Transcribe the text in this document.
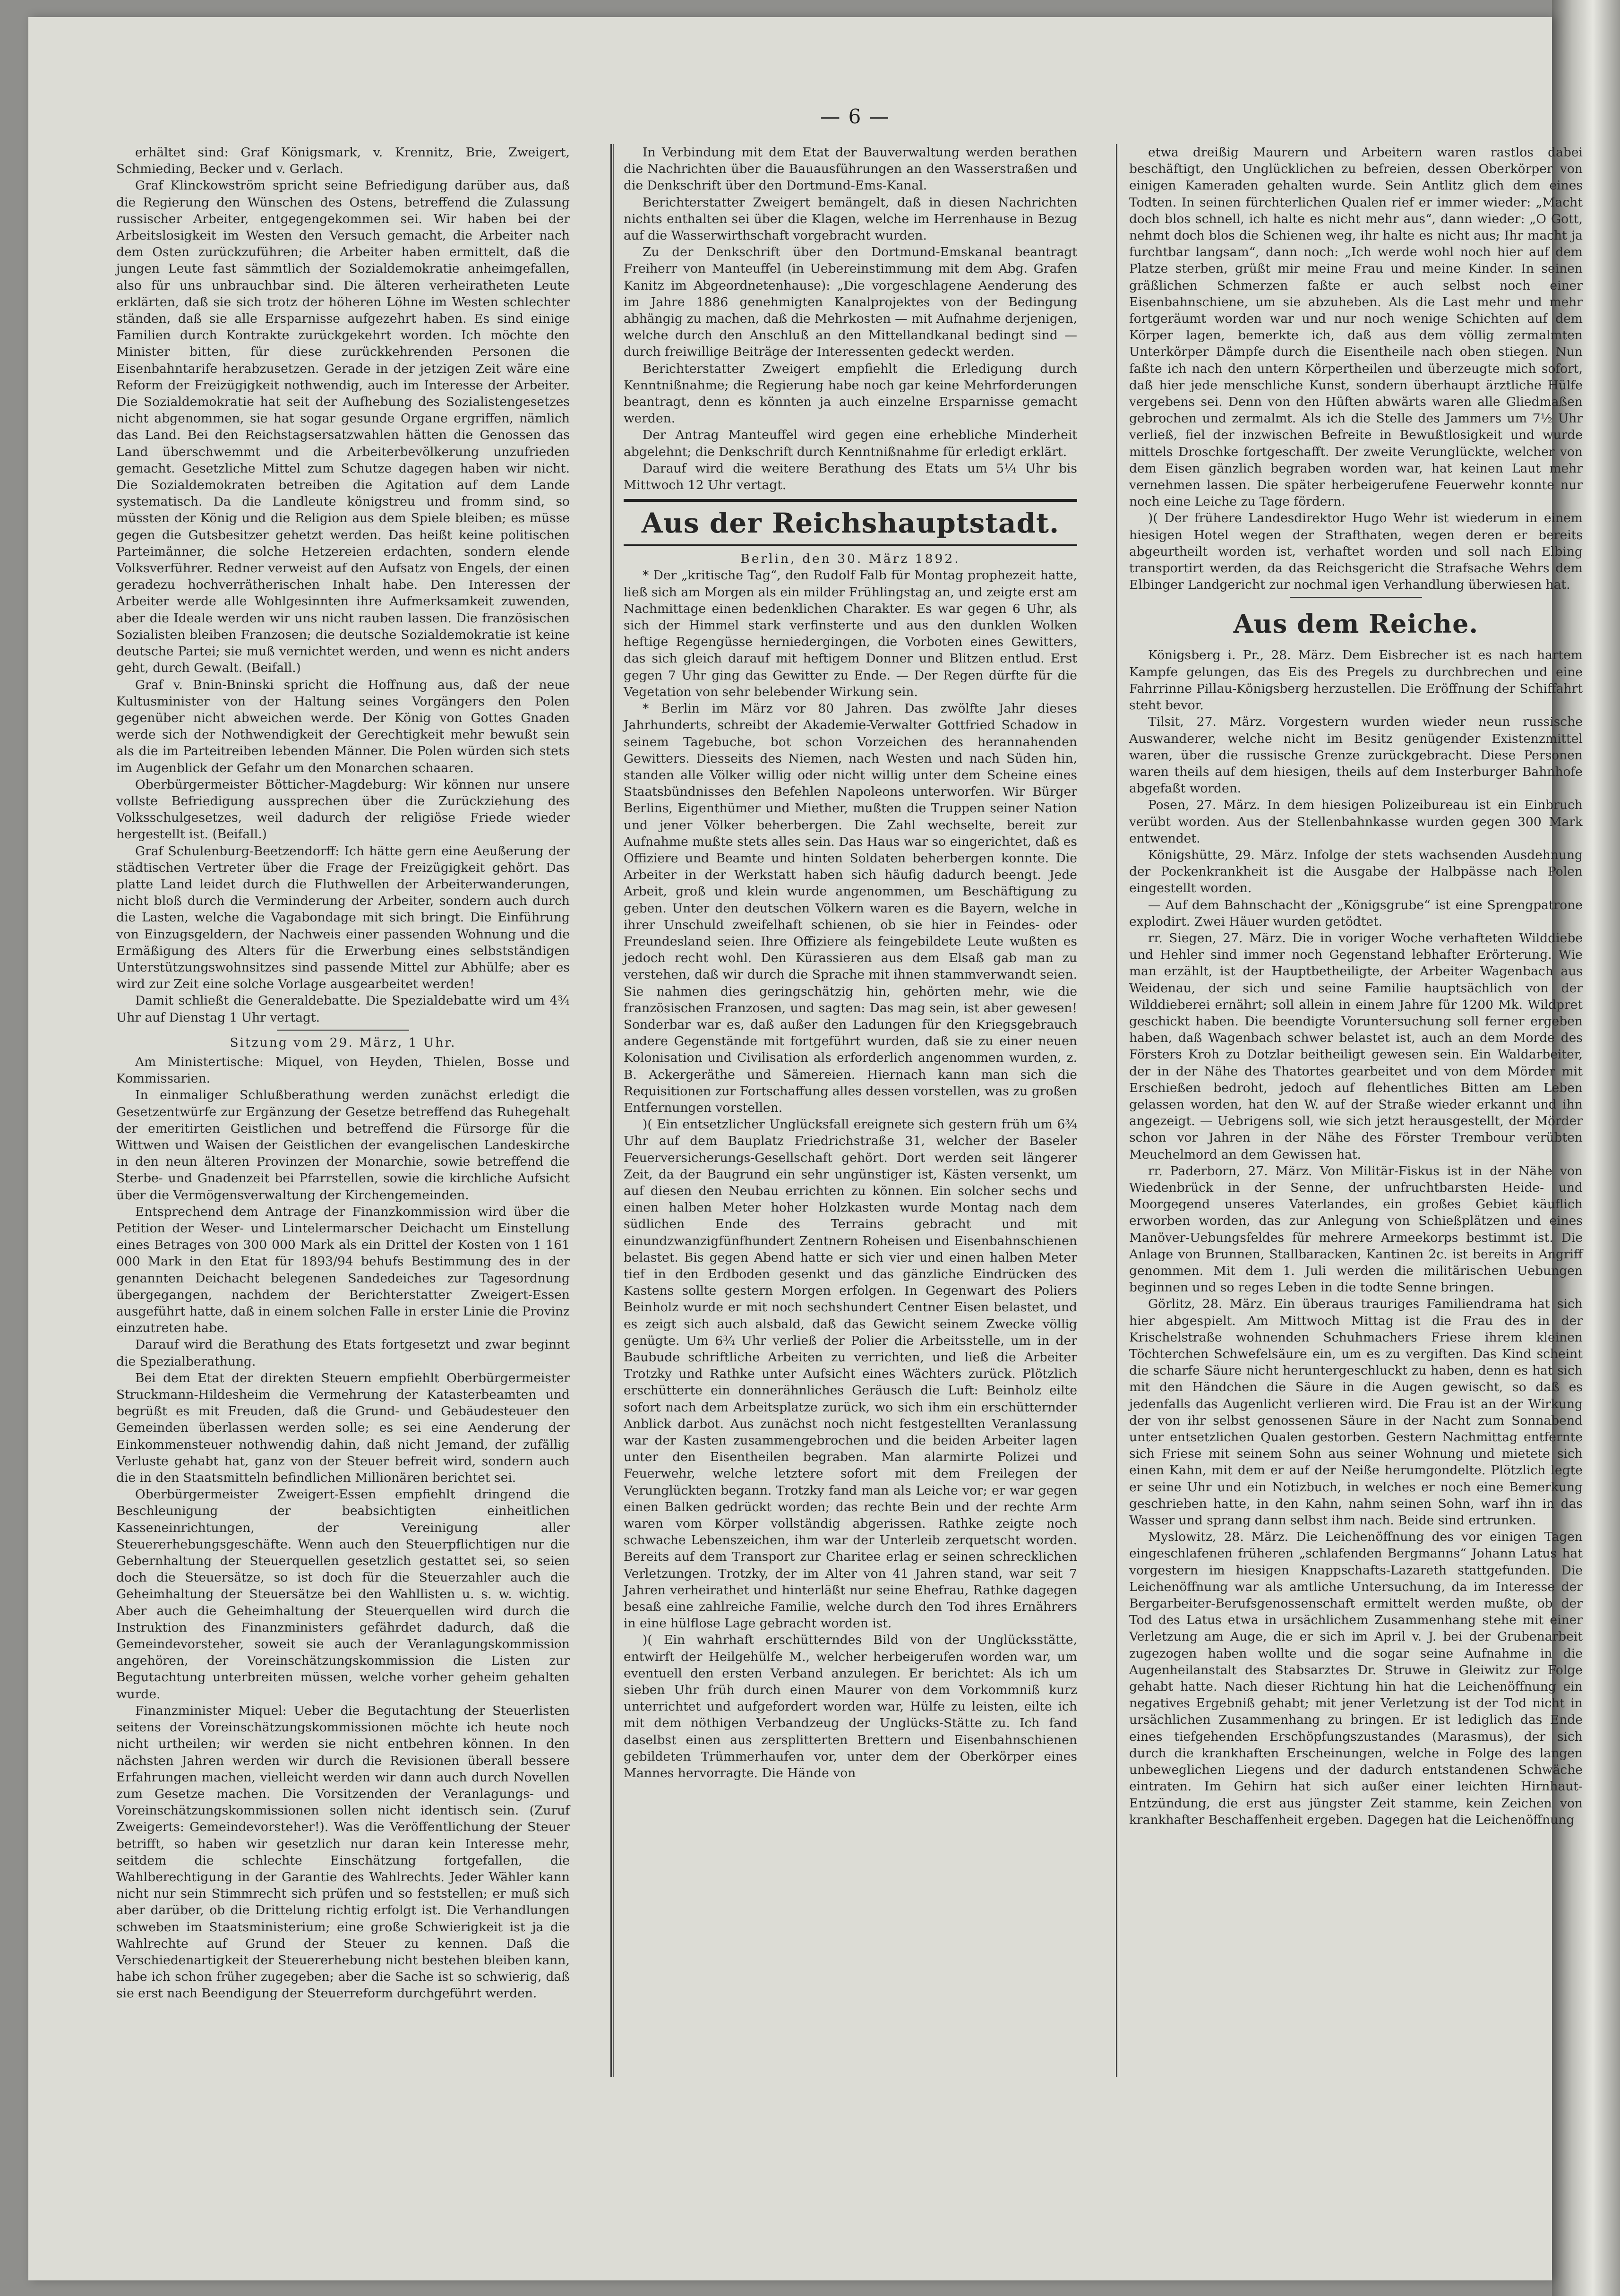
— 6 —

erhältet sind: Graf Königsmark, v. Krennitz, Brie, Zweigert, Schmieding, Becker und v. Gerlach.

Graf Klinckowström spricht seine Befriedigung darüber aus, daß die Regierung den Wünschen des Ostens, betreffend die Zulassung russischer Arbeiter, entgegengekommen sei. Wir haben bei der Arbeitslosigkeit im Westen den Versuch gemacht, die Arbeiter nach dem Osten zurückzuführen; die Arbeiter haben ermittelt, daß die jungen Leute fast sämmtlich der Sozialdemokratie anheimgefallen, also für uns unbrauchbar sind. Die älteren verheiratheten Leute erklärten, daß sie sich trotz der höheren Löhne im Westen schlechter ständen, daß sie alle Ersparnisse aufgezehrt haben. Es sind einige Familien durch Kontrakte zurückgekehrt worden. Ich möchte den Minister bitten, für diese zurückkehrenden Personen die Eisenbahntarife herabzusetzen. Gerade in der jetzigen Zeit wäre eine Reform der Freizügigkeit nothwendig, auch im Interesse der Arbeiter. Die Sozialdemokratie hat seit der Aufhebung des Sozialistengesetzes nicht abgenommen, sie hat sogar gesunde Organe ergriffen, nämlich das Land. Bei den Reichstagsersatzwahlen hätten die Genossen das Land überschwemmt und die Arbeiterbevölkerung unzufrieden gemacht. Gesetzliche Mittel zum Schutze dagegen haben wir nicht. Die Sozialdemokraten betreiben die Agitation auf dem Lande systematisch. Da die Landleute königstreu und fromm sind, so müssten der König und die Religion aus dem Spiele bleiben; es müsse gegen die Gutsbesitzer gehetzt werden. Das heißt keine politischen Parteimänner, die solche Hetzereien erdachten, sondern elende Volksverführer. Redner verweist auf den Aufsatz von Engels, der einen geradezu hochverrätherischen Inhalt habe. Den Interessen der Arbeiter werde alle Wohlgesinnten ihre Aufmerksamkeit zuwenden, aber die Ideale werden wir uns nicht rauben lassen. Die französischen Sozialisten bleiben Franzosen; die deutsche Sozialdemokratie ist keine deutsche Partei; sie muß vernichtet werden, und wenn es nicht anders geht, durch Gewalt. (Beifall.)

Graf v. Bnin-Bninski spricht die Hoffnung aus, daß der neue Kultusminister von der Haltung seines Vorgängers den Polen gegenüber nicht abweichen werde. Der König von Gottes Gnaden werde sich der Nothwendigkeit der Gerechtigkeit mehr bewußt sein als die im Parteitreiben lebenden Männer. Die Polen würden sich stets im Augenblick der Gefahr um den Monarchen schaaren.

Oberbürgermeister Bötticher-Magdeburg: Wir können nur unsere vollste Befriedigung aussprechen über die Zurückziehung des Volksschulgesetzes, weil dadurch der religiöse Friede wieder hergestellt ist. (Beifall.)

Graf Schulenburg-Beetzendorff: Ich hätte gern eine Aeußerung der städtischen Vertreter über die Frage der Freizügigkeit gehört. Das platte Land leidet durch die Fluthwellen der Arbeiterwanderungen, nicht bloß durch die Verminderung der Arbeiter, sondern auch durch die Lasten, welche die Vagabondage mit sich bringt. Die Einführung von Einzugsgeldern, der Nachweis einer passenden Wohnung und die Ermäßigung des Alters für die Erwerbung eines selbstständigen Unterstützungswohnsitzes sind passende Mittel zur Abhülfe; aber es wird zur Zeit eine solche Vorlage ausgearbeitet werden!

Damit schließt die Generaldebatte. Die Spezialdebatte wird um 4¾ Uhr auf Dienstag 1 Uhr vertagt.

Sitzung vom 29. März, 1 Uhr.

Am Ministertische: Miquel, von Heyden, Thielen, Bosse und Kommissarien.

In einmaliger Schlußberathung werden zunächst erledigt die Gesetzentwürfe zur Ergänzung der Gesetze betreffend das Ruhegehalt der emeritirten Geistlichen und betreffend die Fürsorge für die Wittwen und Waisen der Geistlichen der evangelischen Landeskirche in den neun älteren Provinzen der Monarchie, sowie betreffend die Sterbe- und Gnadenzeit bei Pfarrstellen, sowie die kirchliche Aufsicht über die Vermögensverwaltung der Kirchengemeinden.

Entsprechend dem Antrage der Finanzkommission wird über die Petition der Weser- und Lintelermarscher Deichacht um Einstellung eines Betrages von 300 000 Mark als ein Drittel der Kosten von 1 161 000 Mark in den Etat für 1893/94 behufs Bestimmung des in der genannten Deichacht belegenen Sandedeiches zur Tagesordnung übergegangen, nachdem der Berichterstatter Zweigert-Essen ausgeführt hatte, daß in einem solchen Falle in erster Linie die Provinz einzutreten habe.

Darauf wird die Berathung des Etats fortgesetzt und zwar beginnt die Spezialberathung.

Bei dem Etat der direkten Steuern empfiehlt Oberbürgermeister Struckmann-Hildesheim die Vermehrung der Katasterbeamten und begrüßt es mit Freuden, daß die Grund- und Gebäudesteuer den Gemeinden überlassen werden solle; es sei eine Aenderung der Einkommensteuer nothwendig dahin, daß nicht Jemand, der zufällig Verluste gehabt hat, ganz von der Steuer befreit wird, sondern auch die in den Staatsmitteln befindlichen Millionären berichtet sei.

Oberbürgermeister Zweigert-Essen empfiehlt dringend die Beschleunigung der beabsichtigten einheitlichen Kasseneinrichtungen, der Vereinigung aller Steuererhebungsgeschäfte. Wenn auch den Steuerpflichtigen nur die Gebernhaltung der Steuerquellen gesetzlich gestattet sei, so seien doch die Steuersätze, so ist doch für die Steuerzahler auch die Geheimhaltung der Steuersätze bei den Wahllisten u. s. w. wichtig. Aber auch die Geheimhaltung der Steuerquellen wird durch die Instruktion des Finanzministers gefährdet dadurch, daß die Gemeindevorsteher, soweit sie auch der Veranlagungskommission angehören, der Voreinschätzungskommission die Listen zur Begutachtung unterbreiten müssen, welche vorher geheim gehalten wurde.

Finanzminister Miquel: Ueber die Begutachtung der Steuerlisten seitens der Voreinschätzungskommissionen möchte ich heute noch nicht urtheilen; wir werden sie nicht entbehren können. In den nächsten Jahren werden wir durch die Revisionen überall bessere Erfahrungen machen, vielleicht werden wir dann auch durch Novellen zum Gesetze machen. Die Vorsitzenden der Veranlagungs- und Voreinschätzungskommissionen sollen nicht identisch sein. (Zuruf Zweigerts: Gemeindevorsteher!). Was die Veröffentlichung der Steuer betrifft, so haben wir gesetzlich nur daran kein Interesse mehr, seitdem die schlechte Einschätzung fortgefallen, die Wahlberechtigung in der Garantie des Wahlrechts. Jeder Wähler kann nicht nur sein Stimmrecht sich prüfen und so feststellen; er muß sich aber darüber, ob die Drittelung richtig erfolgt ist. Die Verhandlungen schweben im Staatsministerium; eine große Schwierigkeit ist ja die Wahlrechte auf Grund der Steuer zu kennen. Daß die Verschiedenartigkeit der Steuererhebung nicht bestehen bleiben kann, habe ich schon früher zugegeben; aber die Sache ist so schwierig, daß sie erst nach Beendigung der Steuerreform durchgeführt werden.

In Verbindung mit dem Etat der Bauverwaltung werden berathen die Nachrichten über die Bauausführungen an den Wasserstraßen und die Denkschrift über den Dortmund-Ems-Kanal.

Berichterstatter Zweigert bemängelt, daß in diesen Nachrichten nichts enthalten sei über die Klagen, welche im Herrenhause in Bezug auf die Wasserwirthschaft vorgebracht wurden.

Zu der Denkschrift über den Dortmund-Emskanal beantragt Freiherr von Manteuffel (in Uebereinstimmung mit dem Abg. Grafen Kanitz im Abgeordnetenhause): „Die vorgeschlagene Aenderung des im Jahre 1886 genehmigten Kanalprojektes von der Bedingung abhängig zu machen, daß die Mehrkosten — mit Aufnahme derjenigen, welche durch den Anschluß an den Mittellandkanal bedingt sind — durch freiwillige Beiträge der Interessenten gedeckt werden.

Berichterstatter Zweigert empfiehlt die Erledigung durch Kenntnißnahme; die Regierung habe noch gar keine Mehrforderungen beantragt, denn es könnten ja auch einzelne Ersparnisse gemacht werden.

Der Antrag Manteuffel wird gegen eine erhebliche Minderheit abgelehnt; die Denkschrift durch Kenntnißnahme für erledigt erklärt.

Darauf wird die weitere Berathung des Etats um 5¼ Uhr bis Mittwoch 12 Uhr vertagt.

Aus der Reichshauptstadt.

Berlin, den 30. März 1892.

* Der „kritische Tag“, den Rudolf Falb für Montag prophezeit hatte, ließ sich am Morgen als ein milder Frühlingstag an, und zeigte erst am Nachmittage einen bedenklichen Charakter. Es war gegen 6 Uhr, als sich der Himmel stark verfinsterte und aus den dunklen Wolken heftige Regengüsse herniedergingen, die Vorboten eines Gewitters, das sich gleich darauf mit heftigem Donner und Blitzen entlud. Erst gegen 7 Uhr ging das Gewitter zu Ende. — Der Regen dürfte für die Vegetation von sehr belebender Wirkung sein.

* Berlin im März vor 80 Jahren. Das zwölfte Jahr dieses Jahrhunderts, schreibt der Akademie-Verwalter Gottfried Schadow in seinem Tagebuche, bot schon Vorzeichen des herannahenden Gewitters. Diesseits des Niemen, nach Westen und nach Süden hin, standen alle Völker willig oder nicht willig unter dem Scheine eines Staatsbündnisses den Befehlen Napoleons unterworfen. Wir Bürger Berlins, Eigenthümer und Miether, mußten die Truppen seiner Nation und jener Völker beherbergen. Die Zahl wechselte, bereit zur Aufnahme mußte stets alles sein. Das Haus war so eingerichtet, daß es Offiziere und Beamte und hinten Soldaten beherbergen konnte. Die Arbeiter in der Werkstatt haben sich häufig dadurch beengt. Jede Arbeit, groß und klein wurde angenommen, um Beschäftigung zu geben. Unter den deutschen Völkern waren es die Bayern, welche in ihrer Unschuld zweifelhaft schienen, ob sie hier in Feindes- oder Freundesland seien. Ihre Offiziere als feingebildete Leute wußten es jedoch recht wohl. Den Kürassieren aus dem Elsaß gab man zu verstehen, daß wir durch die Sprache mit ihnen stammverwandt seien. Sie nahmen dies geringschätzig hin, gehörten mehr, wie die französischen Franzosen, und sagten: Das mag sein, ist aber gewesen! Sonderbar war es, daß außer den Ladungen für den Kriegsgebrauch andere Gegenstände mit fortgeführt wurden, daß sie zu einer neuen Kolonisation und Civilisation als erforderlich angenommen wurden, z. B. Ackergeräthe und Sämereien. Hiernach kann man sich die Requisitionen zur Fortschaffung alles dessen vorstellen, was zu großen Entfernungen vorstellen.

)( Ein entsetzlicher Unglücksfall ereignete sich gestern früh um 6¾ Uhr auf dem Bauplatz Friedrichstraße 31, welcher der Baseler Feuerversicherungs-Gesellschaft gehört. Dort werden seit längerer Zeit, da der Baugrund ein sehr ungünstiger ist, Kästen versenkt, um auf diesen den Neubau errichten zu können. Ein solcher sechs und einen halben Meter hoher Holzkasten wurde Montag nach dem südlichen Ende des Terrains gebracht und mit einundzwanzigfünfhundert Zentnern Roheisen und Eisenbahnschienen belastet. Bis gegen Abend hatte er sich vier und einen halben Meter tief in den Erdboden gesenkt und das gänzliche Eindrücken des Kastens sollte gestern Morgen erfolgen. In Gegenwart des Poliers Beinholz wurde er mit noch sechshundert Centner Eisen belastet, und es zeigt sich auch alsbald, daß das Gewicht seinem Zwecke völlig genügte. Um 6¾ Uhr verließ der Polier die Arbeitsstelle, um in der Baubude schriftliche Arbeiten zu verrichten, und ließ die Arbeiter Trotzky und Rathke unter Aufsicht eines Wächters zurück. Plötzlich erschütterte ein donnerähnliches Geräusch die Luft: Beinholz eilte sofort nach dem Arbeitsplatze zurück, wo sich ihm ein erschütternder Anblick darbot. Aus zunächst noch nicht festgestellten Veranlassung war der Kasten zusammengebrochen und die beiden Arbeiter lagen unter den Eisentheilen begraben. Man alarmirte Polizei und Feuerwehr, welche letztere sofort mit dem Freilegen der Verunglückten begann. Trotzky fand man als Leiche vor; er war gegen einen Balken gedrückt worden; das rechte Bein und der rechte Arm waren vom Körper vollständig abgerissen. Rathke zeigte noch schwache Lebenszeichen, ihm war der Unterleib zerquetscht worden. Bereits auf dem Transport zur Charitee erlag er seinen schrecklichen Verletzungen. Trotzky, der im Alter von 41 Jahren stand, war seit 7 Jahren verheirathet und hinterläßt nur seine Ehefrau, Rathke dagegen besaß eine zahlreiche Familie, welche durch den Tod ihres Ernährers in eine hülflose Lage gebracht worden ist.

)( Ein wahrhaft erschütterndes Bild von der Unglücksstätte, entwirft der Heilgehülfe M., welcher herbeigerufen worden war, um eventuell den ersten Verband anzulegen. Er berichtet: Als ich um sieben Uhr früh durch einen Maurer von dem Vorkommniß kurz unterrichtet und aufgefordert worden war, Hülfe zu leisten, eilte ich mit dem nöthigen Verbandzeug der Unglücks-Stätte zu. Ich fand daselbst einen aus zersplitterten Brettern und Eisenbahnschienen gebildeten Trümmerhaufen vor, unter dem der Oberkörper eines Mannes hervorragte. Die Hände von

etwa dreißig Maurern und Arbeitern waren rastlos dabei beschäftigt, den Unglücklichen zu befreien, dessen Oberkörper von einigen Kameraden gehalten wurde. Sein Antlitz glich dem eines Todten. In seinen fürchterlichen Qualen rief er immer wieder: „Macht doch blos schnell, ich halte es nicht mehr aus“, dann wieder: „O Gott, nehmt doch blos die Schienen weg, ihr halte es nicht aus; Ihr macht ja furchtbar langsam“, dann noch: „Ich werde wohl noch hier auf dem Platze sterben, grüßt mir meine Frau und meine Kinder. In seinen gräßlichen Schmerzen faßte er auch selbst noch einer Eisenbahnschiene, um sie abzuheben. Als die Last mehr und mehr fortgeräumt worden war und nur noch wenige Schichten auf dem Körper lagen, bemerkte ich, daß aus dem völlig zermalmten Unterkörper Dämpfe durch die Eisentheile nach oben stiegen. Nun faßte ich nach den untern Körpertheilen und überzeugte mich sofort, daß hier jede menschliche Kunst, sondern überhaupt ärztliche Hülfe vergebens sei. Denn von den Hüften abwärts waren alle Gliedmaßen gebrochen und zermalmt. Als ich die Stelle des Jammers um 7½ Uhr verließ, fiel der inzwischen Befreite in Bewußtlosigkeit und wurde mittels Droschke fortgeschafft. Der zweite Verunglückte, welcher von dem Eisen gänzlich begraben worden war, hat keinen Laut mehr vernehmen lassen. Die später herbeigerufene Feuerwehr konnte nur noch eine Leiche zu Tage fördern.

)( Der frühere Landesdirektor Hugo Wehr ist wiederum in einem hiesigen Hotel wegen der Strafthaten, wegen deren er bereits abgeurtheilt worden ist, verhaftet worden und soll nach Elbing transportirt werden, da das Reichsgericht die Strafsache Wehrs dem Elbinger Landgericht zur nochmal igen Verhandlung überwiesen hat.

Aus dem Reiche.

Königsberg i. Pr., 28. März. Dem Eisbrecher ist es nach hartem Kampfe gelungen, das Eis des Pregels zu durchbrechen und eine Fahrrinne Pillau-Königsberg herzustellen. Die Eröffnung der Schiffahrt steht bevor.

Tilsit, 27. März. Vorgestern wurden wieder neun russische Auswanderer, welche nicht im Besitz genügender Existenzmittel waren, über die russische Grenze zurückgebracht. Diese Personen waren theils auf dem hiesigen, theils auf dem Insterburger Bahnhofe abgefaßt worden.

Posen, 27. März. In dem hiesigen Polizeibureau ist ein Einbruch verübt worden. Aus der Stellenbahnkasse wurden gegen 300 Mark entwendet.

Königshütte, 29. März. Infolge der stets wachsenden Ausdehnung der Pockenkrankheit ist die Ausgabe der Halbpässe nach Polen eingestellt worden.

— Auf dem Bahnschacht der „Königsgrube“ ist eine Sprengpatrone explodirt. Zwei Häuer wurden getödtet.

rr. Siegen, 27. März. Die in voriger Woche verhafteten Wilddiebe und Hehler sind immer noch Gegenstand lebhafter Erörterung. Wie man erzählt, ist der Hauptbetheiligte, der Arbeiter Wagenbach aus Weidenau, der sich und seine Familie hauptsächlich von der Wilddieberei ernährt; soll allein in einem Jahre für 1200 Mk. Wildpret geschickt haben. Die beendigte Voruntersuchung soll ferner ergeben haben, daß Wagenbach schwer belastet ist, auch an dem Morde des Försters Kroh zu Dotzlar beitheiligt gewesen sein. Ein Waldarbeiter, der in der Nähe des Thatortes gearbeitet und von dem Mörder mit Erschießen bedroht, jedoch auf flehentliches Bitten am Leben gelassen worden, hat den W. auf der Straße wieder erkannt und ihn angezeigt. — Uebrigens soll, wie sich jetzt herausgestellt, der Mörder schon vor Jahren in der Nähe des Förster Trembour verübten Meuchelmord an dem Gewissen hat.

rr. Paderborn, 27. März. Von Militär-Fiskus ist in der Nähe von Wiedenbrück in der Senne, der unfruchtbarsten Heide- und Moorgegend unseres Vaterlandes, ein großes Gebiet käuflich erworben worden, das zur Anlegung von Schießplätzen und eines Manöver-Uebungsfeldes für mehrere Armeekorps bestimmt ist. Die Anlage von Brunnen, Stallbaracken, Kantinen 2c. ist bereits in Angriff genommen. Mit dem 1. Juli werden die militärischen Uebungen beginnen und so reges Leben in die todte Senne bringen.

Görlitz, 28. März. Ein überaus trauriges Familiendrama hat sich hier abgespielt. Am Mittwoch Mittag ist die Frau des in der Krischelstraße wohnenden Schuhmachers Friese ihrem kleinen Töchterchen Schwefelsäure ein, um es zu vergiften. Das Kind scheint die scharfe Säure nicht heruntergeschluckt zu haben, denn es hat sich mit den Händchen die Säure in die Augen gewischt, so daß es jedenfalls das Augenlicht verlieren wird. Die Frau ist an der Wirkung der von ihr selbst genossenen Säure in der Nacht zum Sonnabend unter entsetzlichen Qualen gestorben. Gestern Nachmittag entfernte sich Friese mit seinem Sohn aus seiner Wohnung und mietete sich einen Kahn, mit dem er auf der Neiße herumgondelte. Plötzlich legte er seine Uhr und ein Notizbuch, in welches er noch eine Bemerkung geschrieben hatte, in den Kahn, nahm seinen Sohn, warf ihn in das Wasser und sprang dann selbst ihm nach. Beide sind ertrunken.

Myslowitz, 28. März. Die Leichenöffnung des vor einigen Tagen eingeschlafenen früheren „schlafenden Bergmanns“ Johann Latus hat vorgestern im hiesigen Knappschafts-Lazareth stattgefunden. Die Leichenöffnung war als amtliche Untersuchung, da im Interesse der Bergarbeiter-Berufsgenossenschaft ermittelt werden mußte, ob der Tod des Latus etwa in ursächlichem Zusammenhang stehe mit einer Verletzung am Auge, die er sich im April v. J. bei der Grubenarbeit zugezogen haben wollte und die sogar seine Aufnahme in die Augenheilanstalt des Stabsarztes Dr. Struwe in Gleiwitz zur Folge gehabt hatte. Nach dieser Richtung hin hat die Leichenöffnung ein negatives Ergebniß gehabt; mit jener Verletzung ist der Tod nicht in ursächlichen Zusammenhang zu bringen. Er ist lediglich das Ende eines tiefgehenden Erschöpfungszustandes (Marasmus), der sich durch die krankhaften Erscheinungen, welche in Folge des langen unbeweglichen Liegens und der dadurch entstandenen Schwäche eintraten. Im Gehirn hat sich außer einer leichten Hirnhaut-Entzündung, die erst aus jüngster Zeit stamme, kein Zeichen von krankhafter Beschaffenheit ergeben. Dagegen hat die Leichenöffnung
